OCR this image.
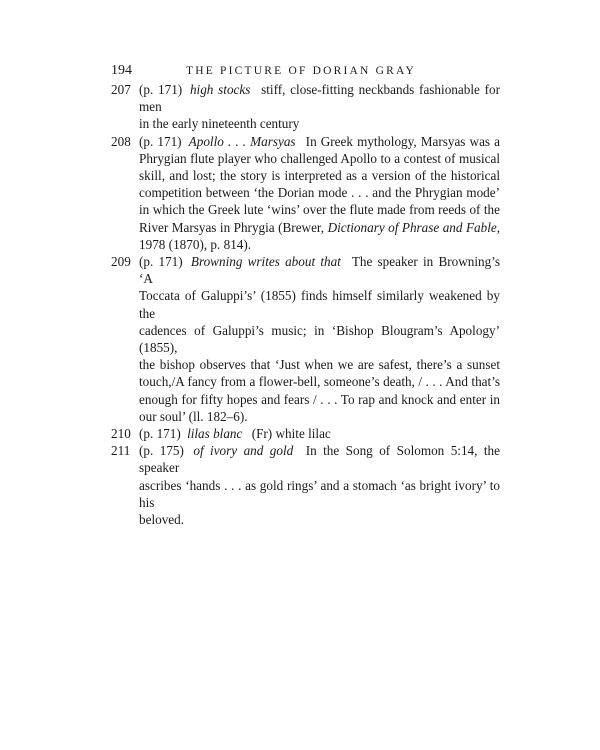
194	THE PICTURE OF DORIAN GRAY

207 (p. 171) high stocks stiff, close-fitting neckbands fashionable for men
in the early nineteenth century

208 (p. 171) Apollo . . . Marsyas In Greek mythology, Marsyas was a
Phrygian flute player who challenged Apollo to a contest of musical
skill, and lost; the story is interpreted as a version of the historical
competition between ‘the Dorian mode . . . and the Phrygian mode’
in which the Greek lute ‘wins’ over the flute made from reeds of the
River Marsyas in Phrygia (Brewer, Dictionary of Phrase and Fable,
1978 (1870), p. 814).

209 (p. 171) Browning writes about that The speaker in Browning’s ‘A
Toccata of Galuppi’s’ (1855) finds himself similarly weakened by the
cadences of Galuppi’s music; in ‘Bishop Blougram’s Apology’ (1855),
the bishop observes that ‘Just when we are safest, there’s a sunset
touch,/A fancy from a flower-bell, someone’s death, / . . . And that’s
enough for fifty hopes and fears / . . . To rap and knock and enter in
our soul’ (ll. 182–6).

210 (p. 171) lilas blanc (Fr) white lilac

211 (p. 175) of ivory and gold In the Song of Solomon 5:14, the speaker
ascribes ‘hands . . . as gold rings’ and a stomach ‘as bright ivory’ to his
beloved.
